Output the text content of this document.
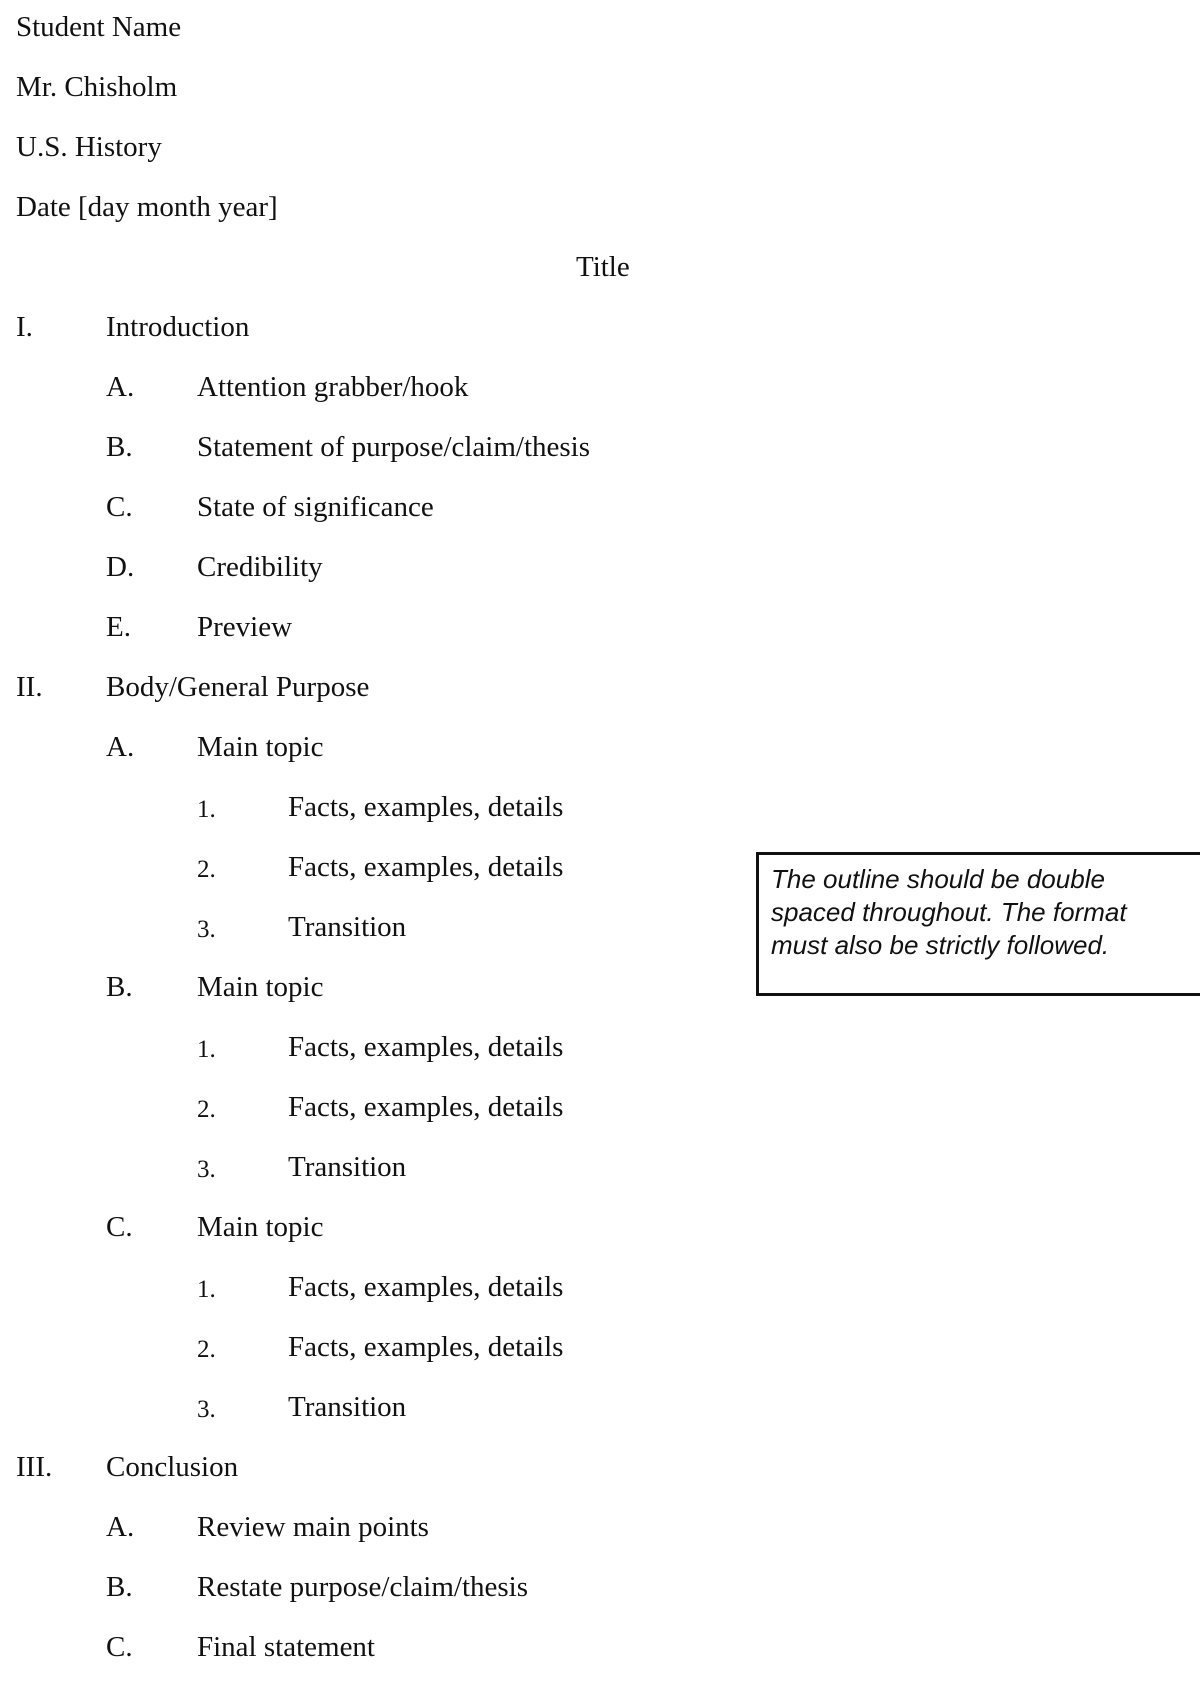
Student Name
Mr. Chisholm
U.S. History
Date [day month year]
Title
I.	Introduction
A. Attention grabber/hook
B. Statement of purpose/claim/thesis
C. State of significance
D. Credibility
E. Preview
II. Body/General Purpose
A. Main topic
1. Facts, examples, details
2. Facts, examples, details
3. Transition
B. Main topic
1. Facts, examples, details
2. Facts, examples, details
3. Transition
C. Main topic
1. Facts, examples, details
2. Facts, examples, details
3. Transition
III. Conclusion
A. Review main points
B. Restate purpose/claim/thesis
C. Final statement
The outline should be double spaced throughout. The format must also be strictly followed.
